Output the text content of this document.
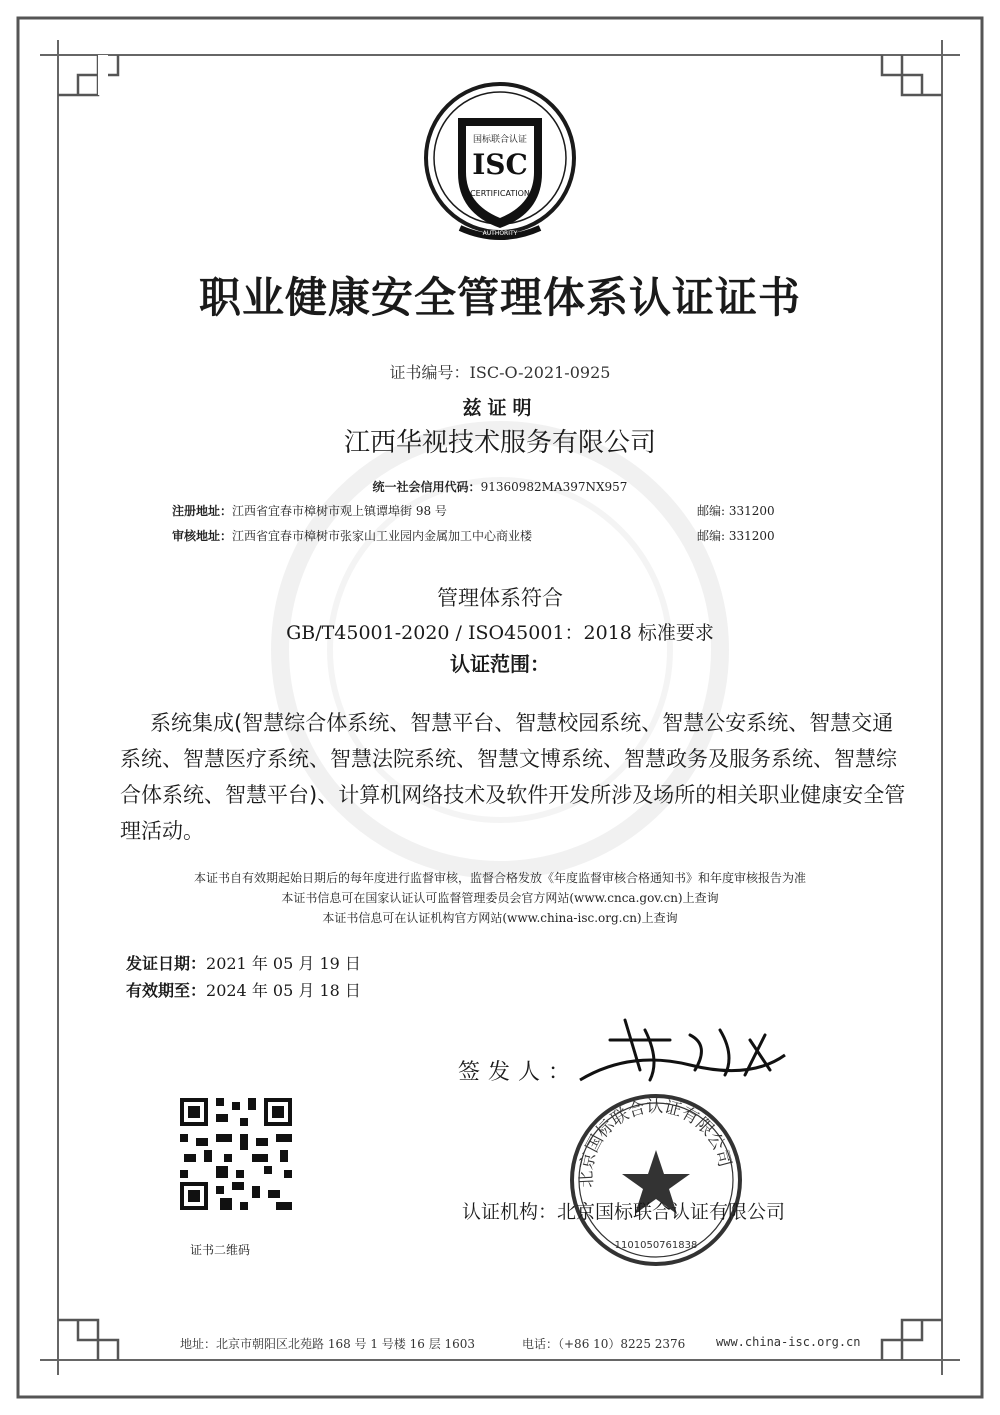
国标联合认证
ISC
CERTIFICATION
AUTHORITY
职业健康安全管理体系认证证书
证书编号：ISC-O-2021-0925
兹证明
江西华视技术服务有限公司
统一社会信用代码：91360982MA397NX957
注册地址：江西省宜春市樟树市观上镇谭埠街 98 号	邮编: 331200
审核地址：江西省宜春市樟树市张家山工业园内金属加工中心商业楼	邮编: 331200
管理体系符合
GB/T45001-2020 / ISO45001：2018 标准要求
认证范围：
系统集成(智慧综合体系统、智慧平台、智慧校园系统、智慧公安系统、智慧交通系统、智慧医疗系统、智慧法院系统、智慧文博系统、智慧政务及服务系统、智慧综合体系统、智慧平台)、计算机网络技术及软件开发所涉及场所的相关职业健康安全管理活动。
本证书自有效期起始日期后的每年度进行监督审核，监督合格发放《年度监督审核合格通知书》和年度审核报告为准
本证书信息可在国家认证认可监督管理委员会官方网站(www.cnca.gov.cn)上查询
本证书信息可在认证机构官方网站(www.china-isc.org.cn)上查询
发证日期：2021 年 05 月 19 日
有效期至：2024 年 05 月 18 日
签发人：
证书二维码
北京国标联合认证有限公司
1101050761838
认证机构：北京国标联合认证有限公司
地址：北京市朝阳区北苑路 168 号 1 号楼 16 层 1603	电话：（+86 10）8225 2376	www.china-isc.org.cn
